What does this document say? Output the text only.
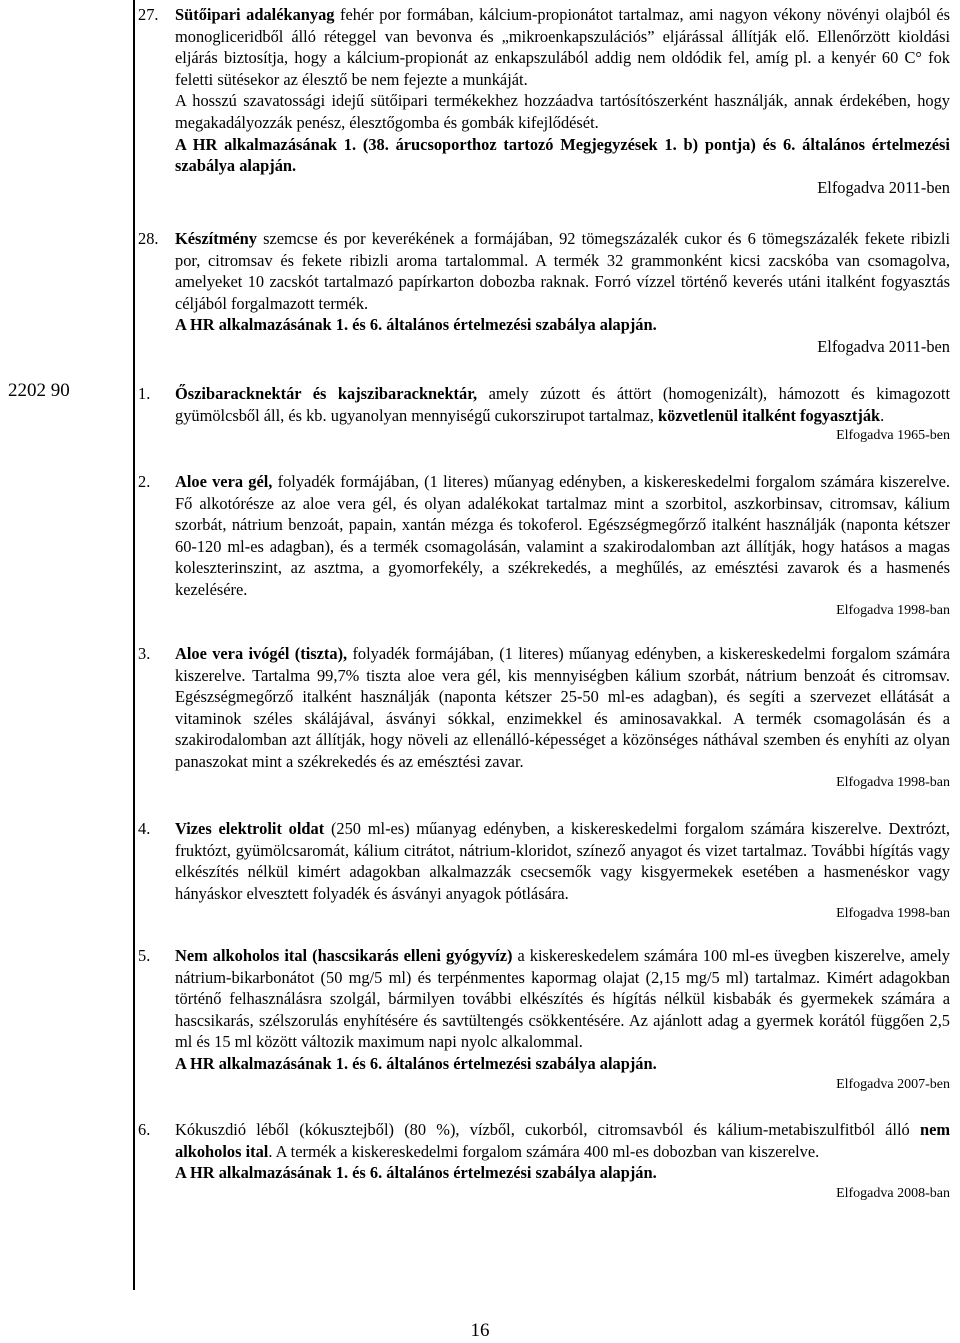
2202 90
27. Sütőipari adalékanyag fehér por formában, kálcium-propionátot tartalmaz, ami nagyon vékony növényi olajból és monogliceridből álló réteggel van bevonva és „mikroenkapszulációs” eljárással állítják elő. Ellenőrzött kioldási eljárás biztosítja, hogy a kálcium-propionát az enkapszulából addig nem oldódik fel, amíg pl. a kenyér 60 C° fok feletti sütésekor az élesztő be nem fejezte a munkáját.

A hosszú szavatossági idejű sütőipari termékekhez hozzáadva tartósítószerként használják, annak érdekében, hogy megakadályozzák penész, élesztőgomba és gombák kifejlődését.

A HR alkalmazásának 1. (38. árucsoporthoz tartozó Megjegyzések 1. b) pontja) és 6. általános értelmezési szabálya alapján.

Elfogadva 2011-ben
28. Készítmény szemcse és por keverékének a formájában, 92 tömegszázalék cukor és 6 tömegszázalék fekete ribizli por, citromsav és fekete ribizli aroma tartalommal. A termék 32 grammonként kicsi zacskóba van csomagolva, amelyeket 10 zacskót tartalmazó papírkarton dobozba raknak. Forró vízzel történő keverés utáni italként fogyasztás céljából forgalmazott termék.

A HR alkalmazásának 1. és 6. általános értelmezési szabálya alapján.

Elfogadva 2011-ben
1. Őszibaracknektár és kajszibaracknektár, amely zúzott és áttört (homogenizált), hámozott és kimagozott gyümölcsből áll, és kb. ugyanolyan mennyiségű cukorszirupot tartalmaz, közvetlenül italként fogyasztják.

Elfogadva 1965-ben
2. Aloe vera gél, folyadék formájában, (1 literes) műanyag edényben, a kiskereskedelmi forgalom számára kiszerelve. Fő alkotórésze az aloe vera gél, és olyan adalékokat tartalmaz mint a szorbitol, aszkorbinsav, citromsav, kálium szorbát, nátrium benzoát, papain, xantán mézga és tokoferol. Egészségmegőrző italként használják (naponta kétszer 60-120 ml-es adagban), és a termék csomagolásán, valamint a szakirodalomban azt állítják, hogy hatásos a magas koleszterinszint, az asztma, a gyomorfekély, a székrekedés, a meghűlés, az emésztési zavarok és a hasmenés kezelésére.

Elfogadva 1998-ban
3. Aloe vera ivógél (tiszta), folyadék formájában, (1 literes) műanyag edényben, a kiskereskedelmi forgalom számára kiszerelve. Tartalma 99,7% tiszta aloe vera gél, kis mennyiségben kálium szorbát, nátrium benzoát és citromsav. Egészségmegőrző italként használják (naponta kétszer 25-50 ml-es adagban), és segíti a szervezet ellátását a vitaminok széles skálájával, ásványi sókkal, enzimekkel és aminosavakkal. A termék csomagolásán és a szakirodalomban azt állítják, hogy növeli az ellenálló-képességet a közönséges náthával szemben és enyhíti az olyan panaszokat mint a székrekedés és az emésztési zavar.

Elfogadva 1998-ban
4. Vizes elektrolit oldat (250 ml-es) műanyag edényben, a kiskereskedelmi forgalom számára kiszerelve. Dextrózt, fruktózt, gyümölcsaromát, kálium citrátot, nátrium-kloridot, színező anyagot és vizet tartalmaz. További hígítás vagy elkészítés nélkül kimért adagokban alkalmazzák csecsemők vagy kisgyermekek esetében a hasmenéskor vagy hányáskor elvesztett folyadék és ásványi anyagok pótlására.

Elfogadva 1998-ban
5. Nem alkoholos ital (hascsikarás elleni gyógyvíz) a kiskereskedelem számára 100 ml-es üvegben kiszerelve, amely nátrium-bikarbonátot (50 mg/5 ml) és terpénmentes kapormag olajat (2,15 mg/5 ml) tartalmaz. Kimért adagokban történő felhasználásra szolgál, bármilyen további elkészítés és hígítás nélkül kisbabák és gyermekek számára a hascsikarás, szélszorulás enyhítésére és savtültengés csökkentésére. Az ajánlott adag a gyermek korától függően 2,5 ml és 15 ml között változik maximum napi nyolc alkalommal.

A HR alkalmazásának 1. és 6. általános értelmezési szabálya alapján.

Elfogadva 2007-ben
6. Kókuszdió léből (kókusztejből) (80 %), vízből, cukorból, citromsavból és kálium-metabiszulfitból álló nem alkoholos ital. A termék a kiskereskedelmi forgalom számára 400 ml-es dobozban van kiszerelve.

A HR alkalmazásának 1. és 6. általános értelmezési szabálya alapján.

Elfogadva 2008-ban
16
